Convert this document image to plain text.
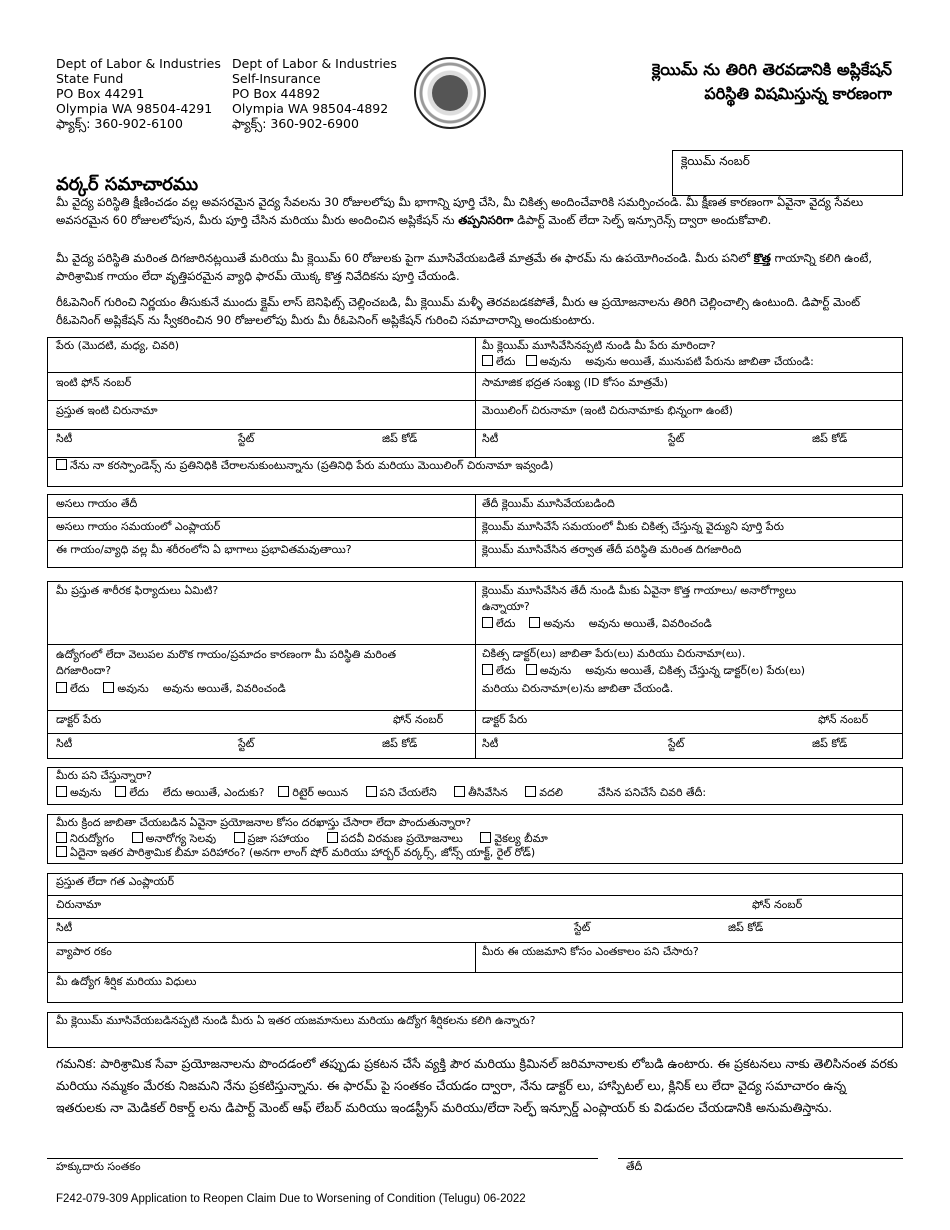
Dept of Labor & Industries
State Fund
PO Box 44291
Olympia WA 98504-4291
ఫ్యాక్స్: 360-902-6100
Dept of Labor & Industries
Self-Insurance
PO Box 44892
Olympia WA 98504-4892
ఫ్యాక్స్: 360-902-6900
క్లెయిమ్ ను తిరిగి తెరవడానికి అప్లికేషన్
పరిస్థితి విషమిస్తున్న కారణంగా
క్లెయిమ్ నంబర్
వర్కర్ సమాచారము
మీ వైద్య పరిస్థితి క్షీణించడం వల్ల అవసరమైన వైద్య సేవలను 30 రోజులలోపు మీ భాగాన్ని పూర్తి చేసి, మీ చికిత్స అందించేవారికి సమర్పించండి. మీ క్షీణత కారణంగా ఏవైనా వైద్య సేవలు అవసరమైన 60 రోజులలోపున, మీరు పూర్తి చేసిన మరియు మీరు అందించిన అప్లికేషన్ ను తప్పనిసరిగా డిపార్ట్ మెంట్ లేదా సెల్ఫ్ ఇన్సూరెన్స్ ద్వారా అందుకోవాలి.
మీ వైద్య పరిస్థితి మరింత దిగజారినట్లయితే మరియు మీ క్లెయిమ్ 60 రోజులకు పైగా మూసివేయబడితే మాత్రమే ఈ ఫారమ్ ను ఉపయోగించండి. మీరు పనిలో కొత్త గాయాన్ని కలిగి ఉంటే, పారిశ్రామిక గాయం లేదా వృత్తిపరమైన వ్యాధి ఫారమ్ యొక్క కొత్త నివేదికను పూర్తి చేయండి.
రీఓపెనింగ్ గురించి నిర్ణయం తీసుకునే ముందు క్లైమ్ లాస్ బెనిఫిట్స్ చెల్లించబడి, మీ క్లెయిమ్ మళ్ళీ తెరవబడకపోతే, మీరు ఆ ప్రయోజనాలను తిరిగి చెల్లించాల్సి ఉంటుంది. డిపార్ట్ మెంట్ రీఓపెనింగ్ అప్లికేషన్ ను స్వీకరించిన 90 రోజులలోపు మీరు మీ రీఓపెనింగ్ అప్లికేషన్ గురించి సమాచారాన్ని అందుకుంటారు.
పేరు (మొదటి, మధ్య, చివరి)	మీ క్లెయిమ్ మూసివేసినప్పటి నుండి మీ పేరు మారిందా?
లేదు అవును అవును అయితే, మునుపటి పేరును జాబితా చేయండి:
ఇంటి ఫోన్ నంబర్	సామాజిక భద్రత సంఖ్య (ID కోసం మాత్రమే)
ప్రస్తుత ఇంటి చిరునామా	మెయిలింగ్ చిరునామా (ఇంటి చిరునామాకు భిన్నంగా ఉంటే)
సిటీ	స్టేట్	జిప్ కోడ్	సిటీ	స్టేట్	జిప్ కోడ్
నేను నా కరస్పాండెన్స్ ను ప్రతినిధికి చేరాలనుకుంటున్నాను (ప్రతినిధి పేరు మరియు మెయిలింగ్ చిరునామా ఇవ్వండి)
అసలు గాయం తేదీ	తేదీ క్లెయిమ్ మూసివేయబడింది
అసలు గాయం సమయంలో ఎంప్లాయర్	క్లెయిమ్ మూసివేసే సమయంలో మీకు చికిత్స చేస్తున్న వైద్యుని పూర్తి పేరు
ఈ గాయం/వ్యాధి వల్ల మీ శరీరంలోని ఏ భాగాలు ప్రభావితమవుతాయి?	క్లెయిమ్ మూసివేసిన తర్వాత తేదీ పరిస్థితి మరింత దిగజారింది
మీ ప్రస్తుత శారీరక ఫిర్యాదులు ఏమిటి?	క్లెయిమ్ మూసివేసిన తేదీ నుండి మీకు ఏవైనా కొత్త గాయాలు/ అనారోగ్యాలు
ఉన్నాయా?
లేదు	అవును అవును అయితే, వివరించండి
ఉద్యోగంలో లేదా వెలుపల మరొక గాయం/ప్రమాదం కారణంగా మీ పరిస్థితి మరింత
దిగజారిందా?
లేదు	అవును అవును అయితే, వివరించండి
చికిత్స డాక్టర్(లు) జాబితా పేరు(లు) మరియు చిరునామా(లు).
లేదు అవును అవును అయితే, చికిత్స చేస్తున్న డాక్టర్(ల) పేరు(లు)
మరియు చిరునామా(ల)ను జాబితా చేయండి.
డాక్టర్ పేరు	ఫోన్ నంబర్	డాక్టర్ పేరు	ఫోన్ నంబర్
సిటీ	స్టేట్	జిప్ కోడ్	సిటీ	స్టేట్	జిప్ కోడ్
మీరు పని చేస్తున్నారా?
అవును	లేదు లేదు అయితే, ఎందుకు?	రిటైర్ అయిన	పని చేయలేని	తీసివేసిన	వదలి	వేసిన పనిచేసే చివరి తేదీ:
మీరు క్రింద జాబితా చేయబడిన ఏవైనా ప్రయోజనాల కోసం దరఖాస్తు చేసారా లేదా పొందుతున్నారా?
నిరుద్యోగం	అనారోగ్య సెలవు	ప్రజా సహాయం	పదవీ విరమణ ప్రయోజనాలు	వైకల్య బీమా
ఏదైనా ఇతర పారిశ్రామిక బీమా పరిహారం? (అనగా లాంగ్ షోర్ మరియు హార్బర్ వర్కర్స్, జోన్స్ యాక్ట్, రైల్ రోడ్)
ప్రస్తుత లేదా గత ఎంప్లాయర్
చిరునామా	ఫోన్ నంబర్
సిటీ	స్టేట్	జిప్ కోడ్
వ్యాపార రకం	మీరు ఈ యజమాని కోసం ఎంతకాలం పని చేసారు?
మీ ఉద్యోగ శీర్షిక మరియు విధులు
మీ క్లెయిమ్ మూసివేయబడినప్పటి నుండి మీరు ఏ ఇతర యజమానులు మరియు ఉద్యోగ శీర్షికలను కలిగి ఉన్నారు?
గమనిక: పారిశ్రామిక సేవా ప్రయోజనాలను పొందడంలో తప్పుడు ప్రకటన చేసే వ్యక్తి పౌర మరియు క్రిమినల్ జరిమానాలకు లోబడి ఉంటారు. ఈ ప్రకటనలు నాకు తెలిసినంత వరకు మరియు నమ్మకం మేరకు నిజమని నేను ప్రకటిస్తున్నాను. ఈ ఫారమ్ పై సంతకం చేయడం ద్వారా, నేను డాక్టర్ లు, హాస్పిటల్ లు, క్లినిక్ లు లేదా వైద్య సమాచారం ఉన్న ఇతరులకు నా మెడికల్ రికార్డ్ లను డిపార్ట్ మెంట్ ఆఫ్ లేబర్ మరియు ఇండస్ట్రీస్ మరియు/లేదా సెల్ఫ్ ఇన్సూర్డ్ ఎంప్లాయర్ కు విడుదల చేయడానికి అనుమతిస్తాను.
హక్కుదారు సంతకం	తేదీ
F242-079-309 Application to Reopen Claim Due to Worsening of Condition (Telugu) 06-2022
